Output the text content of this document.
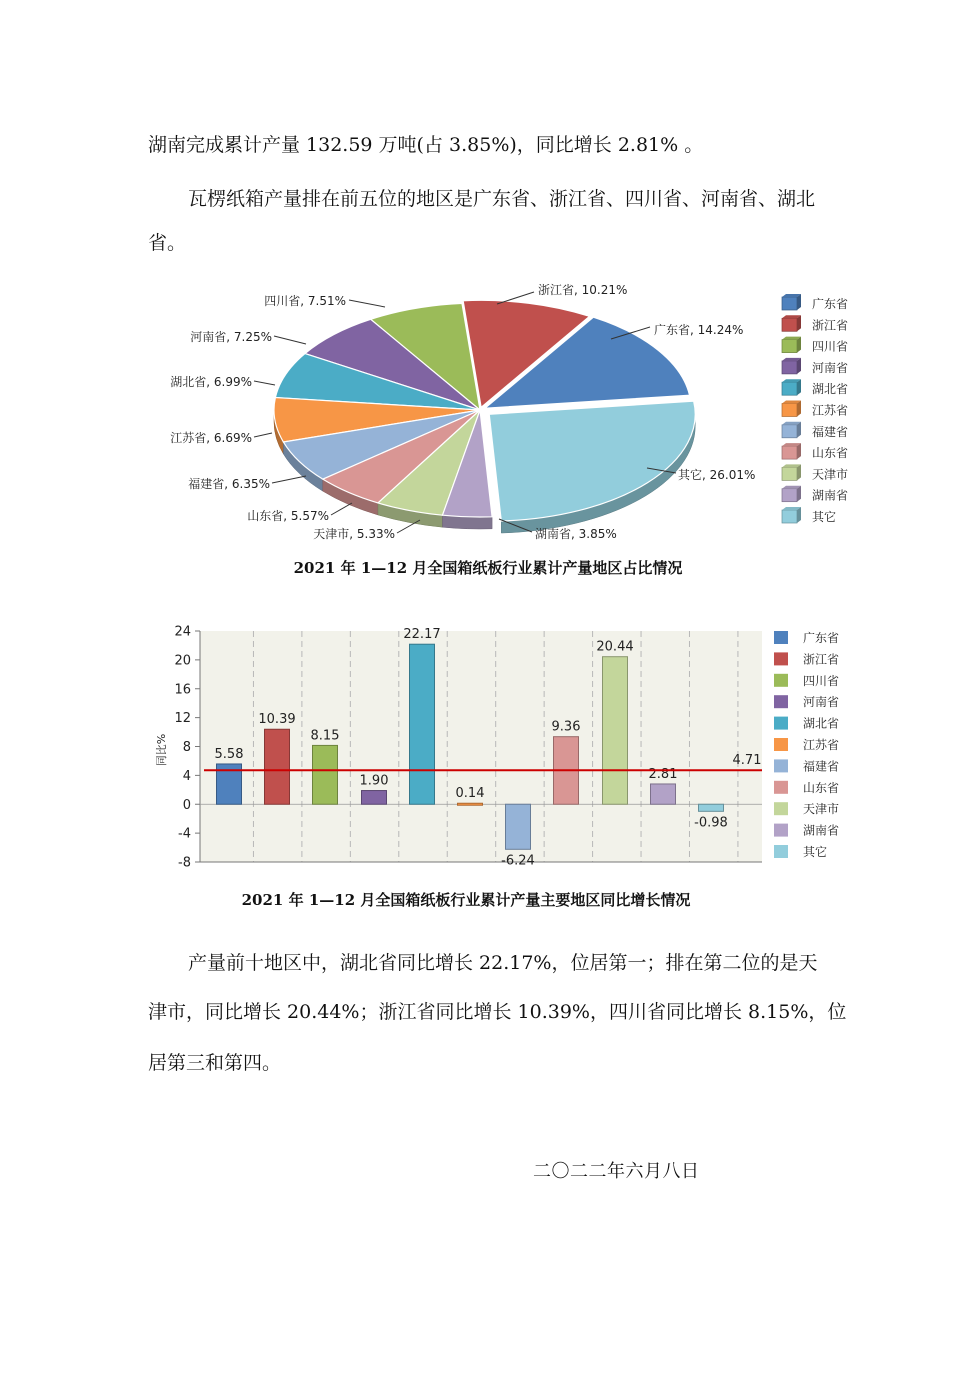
湖南完成累计产量 132.59 万吨(占 3.85%)，同比增长 2.81% 。
瓦楞纸箱产量排在前五位的地区是广东省、浙江省、四川省、河南省、湖北
省。
广东省, 14.24%
浙江省, 10.21%
四川省, 7.51%
河南省, 7.25%
湖北省, 6.99%
江苏省, 6.69%
福建省, 6.35%
山东省, 5.57%
天津市, 5.33%	湖南省, 3.85%
其它, 26.01%
广东省
浙江省
四川省
河南省
湖北省
江苏省
福建省
山东省
天津市
湖南省
其它
2021 年 1—12 月全国箱纸板行业累计产量地区占比情况
24
20
16
12
8
4
0
-4
-8
同比%	5.58
10.39
8.15
1.90
22.17
0.14
-6.24
9.36
20.44
2.81
-0.98
4.71
广东省
浙江省
四川省
河南省
湖北省
江苏省
福建省
山东省
天津市
湖南省
其它
2021 年 1—12 月全国箱纸板行业累计产量主要地区同比增长情况
产量前十地区中，湖北省同比增长 22.17%，位居第一；排在第二位的是天
津市，同比增长 20.44%；浙江省同比增长 10.39%，四川省同比增长 8.15%，位
居第三和第四。
二〇二二年六月八日
